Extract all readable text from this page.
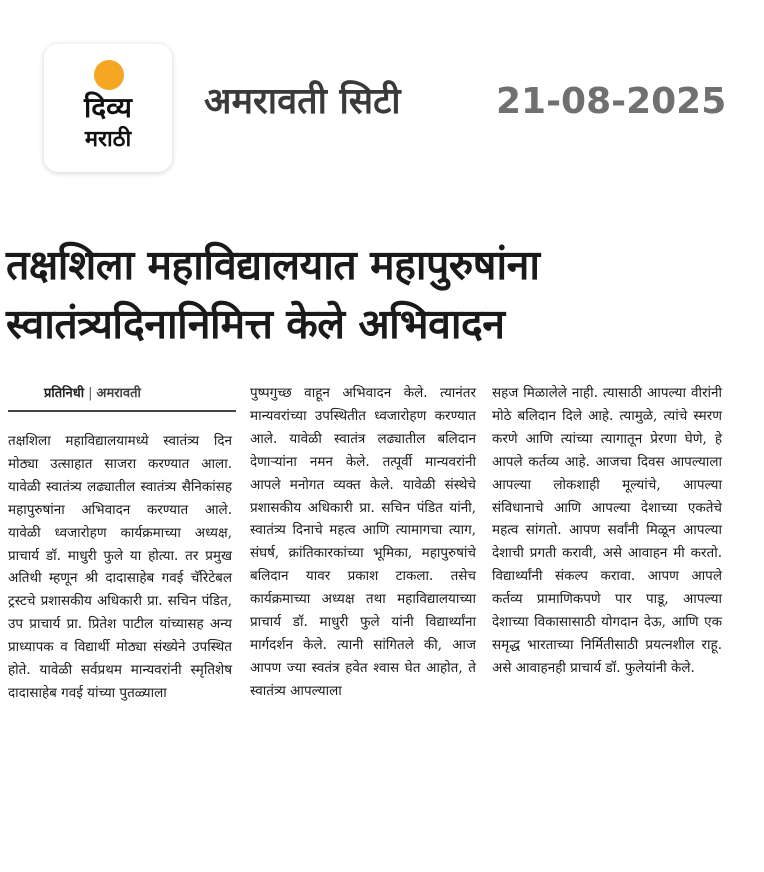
दिव्य
मराठी
अमरावती सिटी	21-08-2025
तक्षशिला महाविद्यालयात महापुरुषांना
स्वातंत्र्यदिनानिमित्त केले अभिवादन
प्रतिनिधी | अमरावती

तक्षशिला महाविद्यालयामध्ये स्वातंत्र्य दिन मोठ्या उत्साहात साजरा करण्यात आला. यावेळी स्वातंत्र्य लढ्यातील स्वातंत्र्य सैनिकांसह महापुरुषांना अभिवादन करण्यात आले. यावेळी ध्वजारोहण कार्यक्रमाच्या अध्यक्ष, प्राचार्य डॉ. माधुरी फुले या होत्या. तर प्रमुख अतिथी म्हणून श्री दादासाहेब गवई चॅरिटेबल ट्रस्टचे प्रशासकीय अधिकारी प्रा. सचिन पंडित, उप प्राचार्य प्रा. प्रितेश पाटील यांच्यासह अन्य प्राध्यापक व विद्यार्थी मोठ्या संख्येने उपस्थित होते. यावेळी सर्वप्रथम मान्यवरांनी स्मृतिशेष दादासाहेब गवई यांच्या पुतळ्याला

पुष्पगुच्छ वाहून अभिवादन केले. त्यानंतर मान्यवरांच्या उपस्थितीत ध्वजारोहण करण्यात आले. यावेळी स्वातंत्र लढ्यातील बलिदान देणाऱ्यांना नमन केले. तत्पूर्वी मान्यवरांनी आपले मनोगत व्यक्त केले. यावेळी संस्थेचे प्रशासकीय अधिकारी प्रा. सचिन पंडित यांनी, स्वातंत्र्य दिनाचे महत्व आणि त्यामागचा त्याग, संघर्ष, क्रांतिकारकांच्या भूमिका, महापुरुषांचे बलिदान यावर प्रकाश टाकला. तसेच कार्यक्रमाच्या अध्यक्ष तथा महाविद्यालयाच्या प्राचार्य डॉ. माधुरी फुले यांनी विद्यार्थ्यांना मार्गदर्शन केले. त्यानी सांगितले की, आज आपण ज्या स्वतंत्र हवेत श्वास घेत आहोत, ते स्वातंत्र्य आपल्याला

सहज मिळालेले नाही. त्यासाठी आपल्या वीरांनी मोठे बलिदान दिले आहे. त्यामुळे, त्यांचे स्मरण करणे आणि त्यांच्या त्यागातून प्रेरणा घेणे, हे आपले कर्तव्य आहे. आजचा दिवस आपल्याला आपल्या लोकशाही मूल्यांचे, आपल्या संविधानाचे आणि आपल्या देशाच्या एकतेचे महत्व सांगतो. आपण सर्वांनी मिळून आपल्या देशाची प्रगती करावी, असे आवाहन मी करतो. विद्यार्थ्यांनी संकल्प करावा. आपण आपले कर्तव्य प्रामाणिकपणे पार पाडू, आपल्या देशाच्या विकासासाठी योगदान देऊ, आणि एक समृद्ध भारताच्या निर्मितीसाठी प्रयत्नशील राहू. असे आवाहनही प्राचार्य डॉ. फुलेयांनी केले.
